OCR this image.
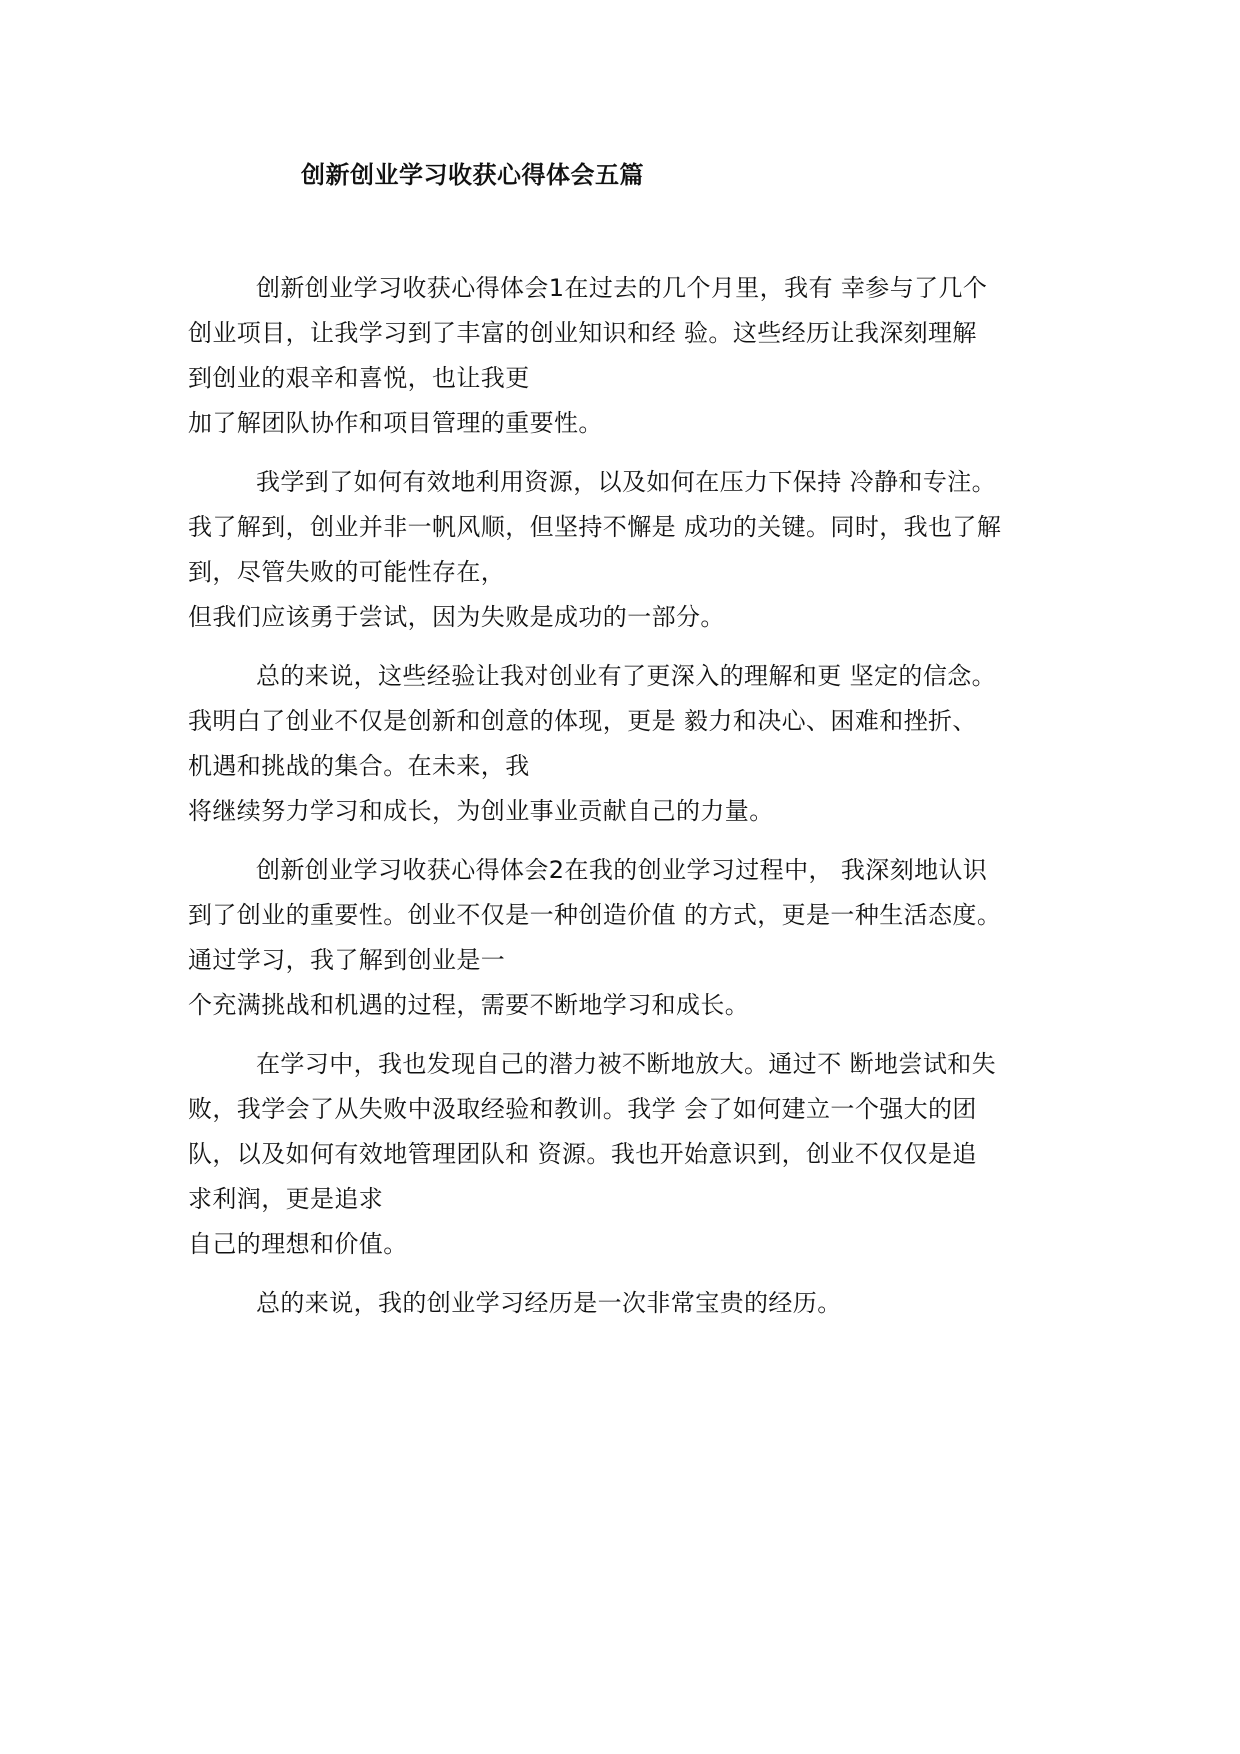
创新创业学习收获心得体会五篇
创新创业学习收获心得体会1在过去的几个月里，我有 幸参与了几个
创业项目，让我学习到了丰富的创业知识和经 验。这些经历让我深刻理解
到创业的艰辛和喜悦，也让我更
加了解团队协作和项目管理的重要性。
我学到了如何有效地利用资源，以及如何在压力下保持 冷静和专注。
我了解到，创业并非一帆风顺，但坚持不懈是 成功的关键。同时，我也了解
到，尽管失败的可能性存在，
但我们应该勇于尝试，因为失败是成功的一部分。
总的来说，这些经验让我对创业有了更深入的理解和更 坚定的信念。
我明白了创业不仅是创新和创意的体现，更是 毅力和决心、困难和挫折、
机遇和挑战的集合。在未来，我
将继续努力学习和成长，为创业事业贡献自己的力量。
创新创业学习收获心得体会2在我的创业学习过程中， 我深刻地认识
到了创业的重要性。创业不仅是一种创造价值 的方式，更是一种生活态度。
通过学习，我了解到创业是一
个充满挑战和机遇的过程，需要不断地学习和成长。
在学习中，我也发现自己的潜力被不断地放大。通过不 断地尝试和失
败，我学会了从失败中汲取经验和教训。我学 会了如何建立一个强大的团
队，以及如何有效地管理团队和 资源。我也开始意识到，创业不仅仅是追
求利润，更是追求
自己的理想和价值。
总的来说，我的创业学习经历是一次非常宝贵的经历。
